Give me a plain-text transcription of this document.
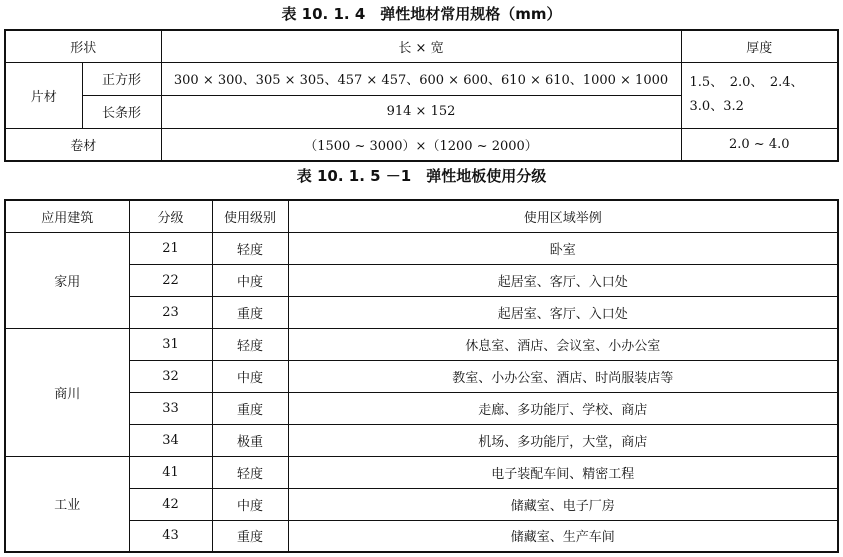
表 10. 1. 4　弹性地材常用规格（mm）
形状		长 × 宽	厚度
片材	正方形	300 × 300、305 × 305、457 × 457、600 × 600、610 × 610、1000 × 1000	1.5、　2.0、　2.4、 3.0、3.2
	长条形	914 × 152	
卷材		（1500 ~ 3000）×（1200 ~ 2000）	2.0 ~ 4.0
表 10. 1. 5 －1　弹性地板使用分级
应用建筑	分级	使用级别	使用区域举例
家用	21	轻度	卧室
	22	中度	起居室、客厅、入口处
	23	重度	起居室、客厅、入口处
商川	31	轻度	休息室、酒店、会议室、小办公室
	32	中度	教室、小办公室、酒店、时尚服装店等
	33	重度	走廊、多功能厅、学校、商店
	34	极重	机场、多功能厅，大堂，商店
工业	41	轻度	电子装配车间、精密工程
	42	中度	储藏室、电子厂房
	43	重度	储藏室、生产车间
